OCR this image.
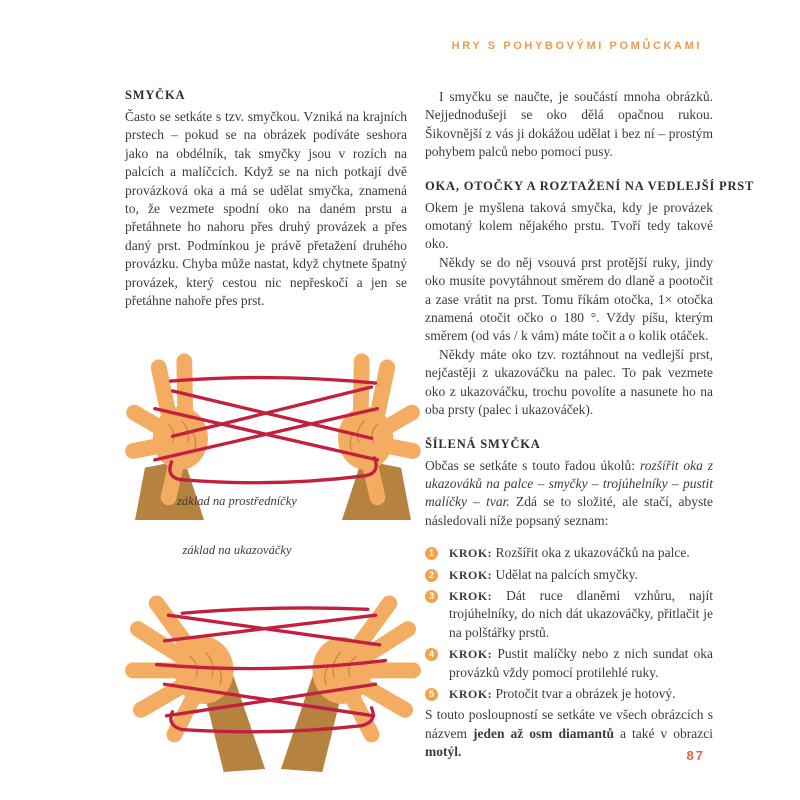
HRY S POHYBOVÝMI POMŮCKAMI
SMYČKA

Často se setkáte s tzv. smyčkou. Vzniká na krajních prstech – pokud se na obrázek podíváte seshora jako na obdélník, tak smyčky jsou v rozích na palcích a malíčcích. Když se na nich potkají dvě provázková oka a má se udělat smyčka, znamená to, že vezmete spodní oko na daném prstu a přetáhnete ho nahoru přes druhý provázek a přes daný prst. Podmínkou je právě přetažení druhého provázku. Chyba může nastat, když chytnete špatný provázek, který cestou nic nepřeskočí a jen se přetáhne nahoře přes prst.

základ na prostředníčky
základ na ukazováčky

I smyčku se naučte, je součástí mnoha obrázků. Nejjednodušeji se oko dělá opačnou rukou. Šikovnější z vás ji dokážou udělat i bez ní – prostým pohybem palců nebo pomocí pusy.

OKA, OTOČKY A ROZTAŽENÍ NA VEDLEJŠÍ PRST

Okem je myšlena taková smyčka, kdy je provázek omotaný kolem nějakého prstu. Tvoří tedy takové oko.

Někdy se do něj vsouvá prst protější ruky, jindy oko musíte povytáhnout směrem do dlaně a pootočit a zase vrátit na prst. Tomu říkám otočka, 1× otočka znamená otočit očko o 180 °. Vždy píšu, kterým směrem (od vás / k vám) máte točit a o kolik otáček.

Někdy máte oko tzv. roztáhnout na vedlejší prst, nejčastěji z ukazováčku na palec. To pak vezmete oko z ukazováčku, trochu povolíte a nasunete ho na oba prsty (palec i ukazováček).

ŠÍLENÁ SMYČKA

Občas se setkáte s touto řadou úkolů: rozšířit oka z ukazováků na palce – smyčky – trojúhelníky – pustit malíčky – tvar. Zdá se to složité, ale stačí, abyste následovali níže popsaný seznam:

1	KROK: Rozšířit oka z ukazováčků na palce.
2	KROK: Udělat na palcích smyčky.
3	KROK: Dát ruce dlaněmi vzhůru, najít trojúhelníky, do nich dát ukazováčky, přitlačit je na polštářky prstů.
4	KROK: Pustit malíčky nebo z nich sundat oka provázků vždy pomocí protilehlé ruky.
5	KROK: Protočit tvar a obrázek je hotový.

S touto posloupností se setkáte ve všech obrázcích s názvem jeden až osm diamantů a také v obrazci motýl.	87
